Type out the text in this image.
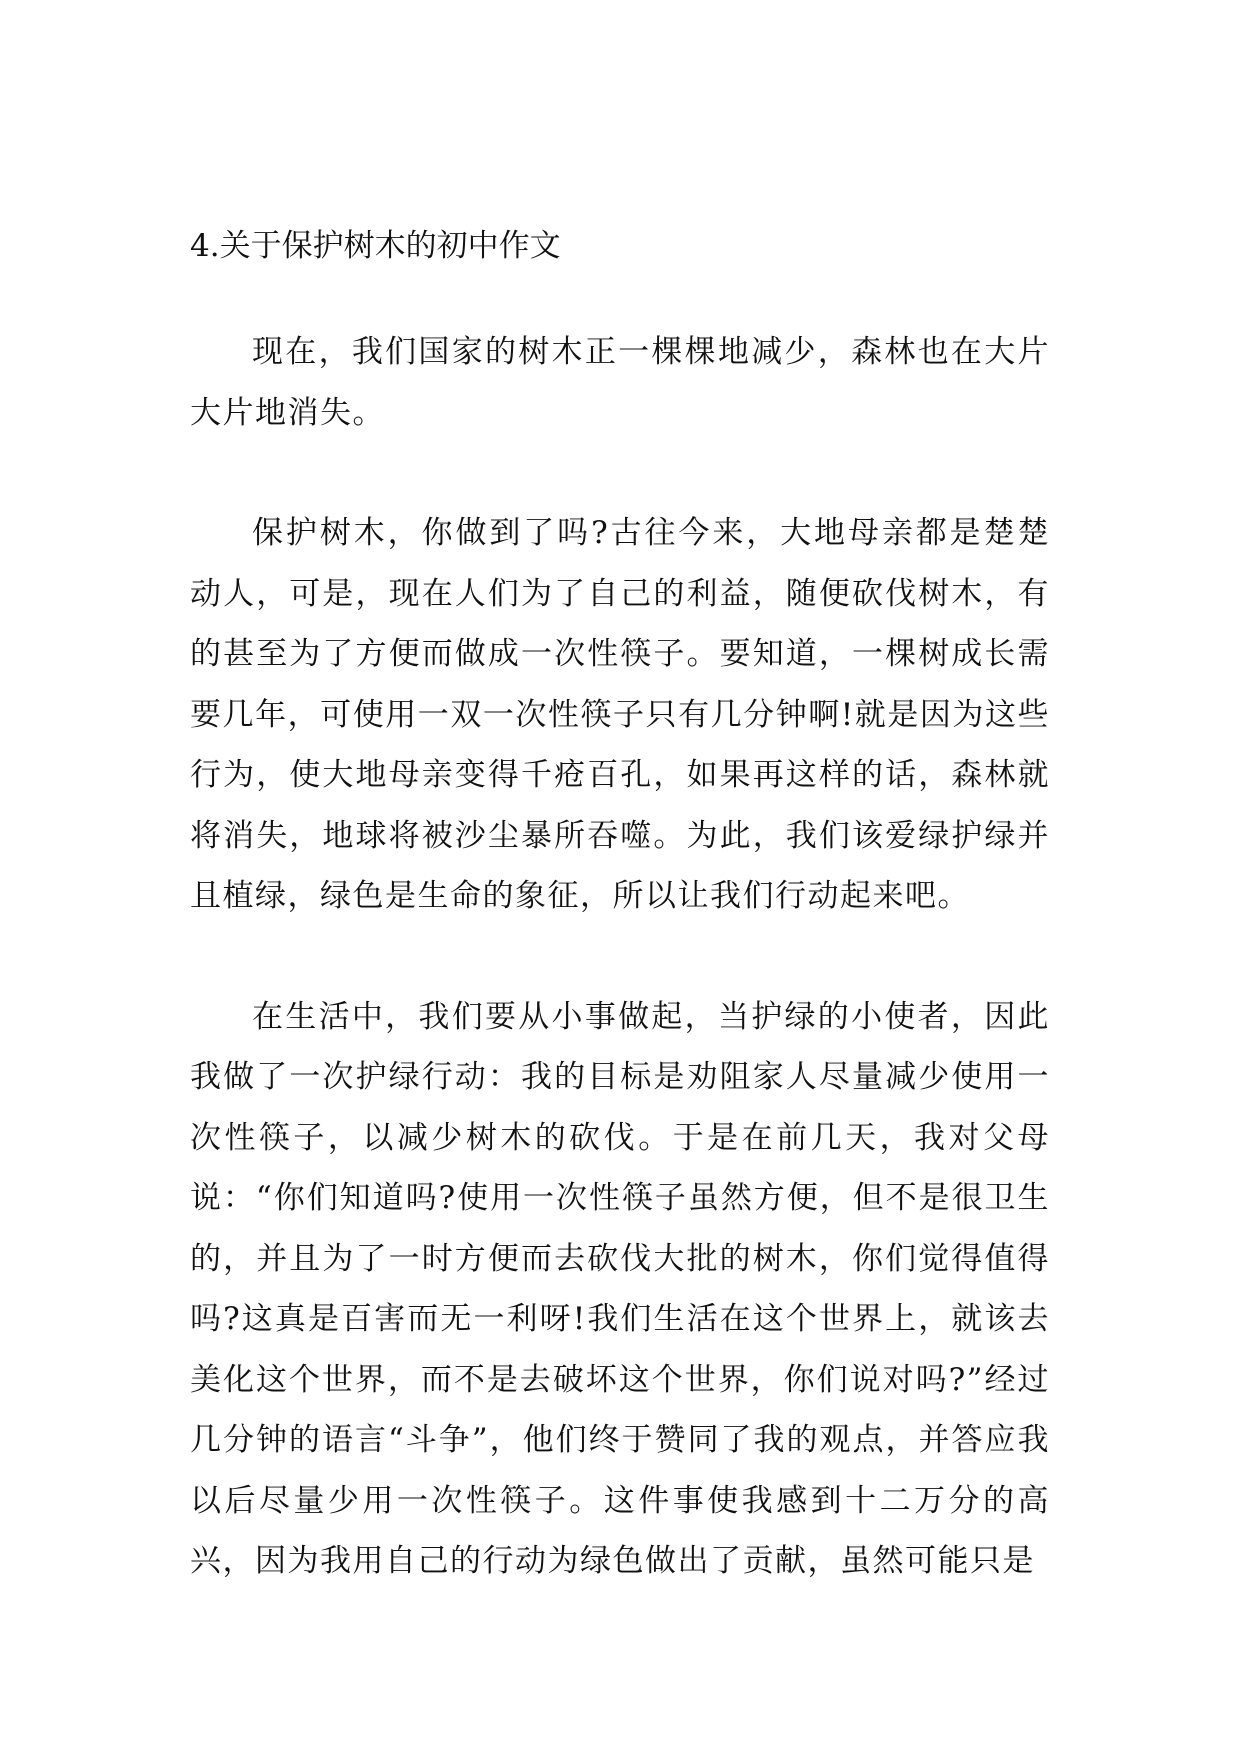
4.关于保护树木的初中作文

现在，我们国家的树木正一棵棵地减少，森林也在大片大片地消失。

保护树木，你做到了吗?古往今来，大地母亲都是楚楚动人，可是，现在人们为了自己的利益，随便砍伐树木，有的甚至为了方便而做成一次性筷子。要知道，一棵树成长需要几年，可使用一双一次性筷子只有几分钟啊!就是因为这些行为，使大地母亲变得千疮百孔，如果再这样的话，森林就将消失，地球将被沙尘暴所吞噬。为此，我们该爱绿护绿并且植绿，绿色是生命的象征，所以让我们行动起来吧。

在生活中，我们要从小事做起，当护绿的小使者，因此我做了一次护绿行动：我的目标是劝阻家人尽量减少使用一次性筷子，以减少树木的砍伐。于是在前几天，我对父母说：“你们知道吗?使用一次性筷子虽然方便，但不是很卫生的，并且为了一时方便而去砍伐大批的树木，你们觉得值得吗?这真是百害而无一利呀!我们生活在这个世界上，就该去美化这个世界，而不是去破坏这个世界，你们说对吗?”经过几分钟的语言“斗争”，他们终于赞同了我的观点，并答应我以后尽量少用一次性筷子。这件事使我感到十二万分的高兴，因为我用自己的行动为绿色做出了贡献，虽然可能只是
